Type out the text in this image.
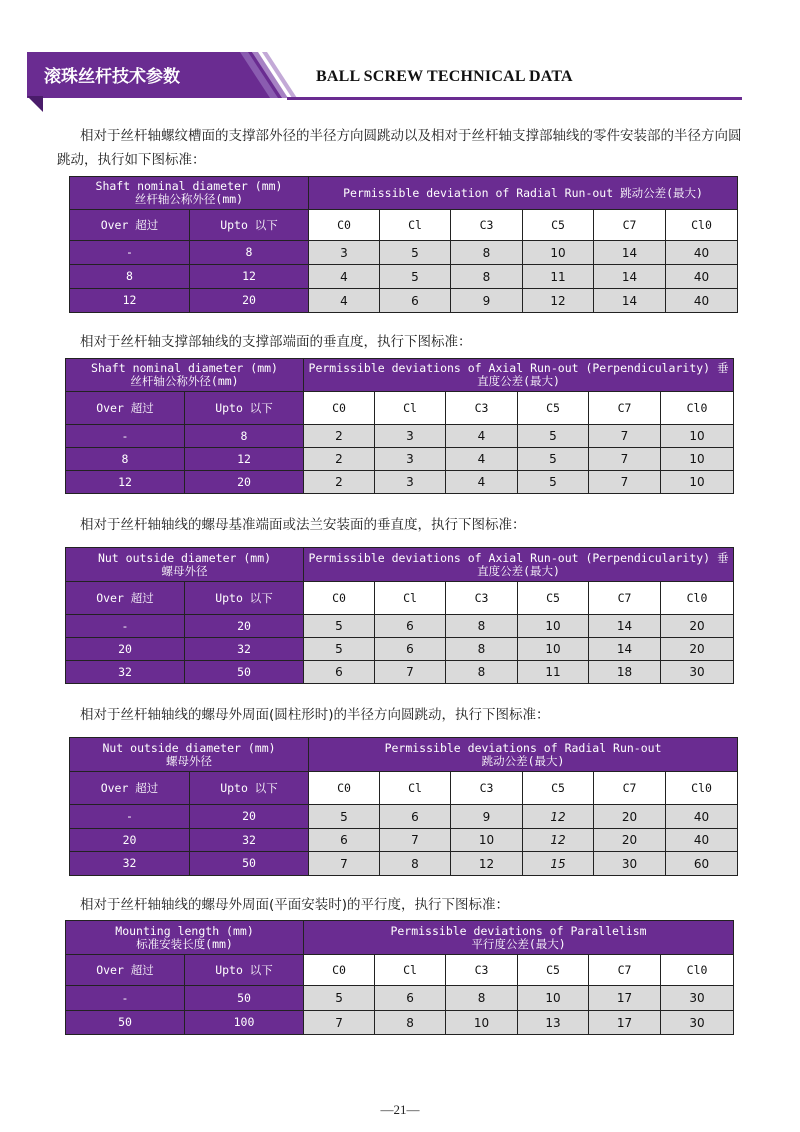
滚珠丝杆技术参数	BALL SCREW TECHNICAL DATA
相对于丝杆轴螺纹槽面的支撑部外径的半径方向圆跳动以及相对于丝杆轴支撑部轴线的零件安装部的半径方向圆跳动，执行如下图标准：
Shaft nominal diameter (mm)
丝杆轴公称外径(mm)		Permissible deviation of Radial Run-out 跳动公差(最大)					
Over 超过	Upto 以下	C0	Cl	C3	C5	C7	Cl0
-	8	3	5	8	10	14	40
8	12	4	5	8	11	14	40
12	20	4	6	9	12	14	40
相对于丝杆轴支撑部轴线的支撑部端面的垂直度，执行下图标准：
Shaft nominal diameter (mm)
丝杆轴公称外径(mm)		Permissible deviations of Axial Run-out (Perpendicularity) 垂直度公差(最大)					
Over 超过	Upto 以下	C0	Cl	C3	C5	C7	Cl0
-	8	2	3	4	5	7	10
8	12	2	3	4	5	7	10
12	20	2	3	4	5	7	10
相对于丝杆轴轴线的螺母基准端面或法兰安装面的垂直度，执行下图标准：
Nut outside diameter (mm)
螺母外径		Permissible deviations of Axial Run-out (Perpendicularity) 垂直度公差(最大)					
Over 超过	Upto 以下	C0	Cl	C3	C5	C7	Cl0
-	20	5	6	8	10	14	20
20	32	5	6	8	10	14	20
32	50	6	7	8	11	18	30
相对于丝杆轴轴线的螺母外周面(圆柱形时)的半径方向圆跳动，执行下图标准：
Nut outside diameter (mm)
螺母外径		Permissible deviations of Radial Run-out
跳动公差(最大)					
Over 超过	Upto 以下	C0	Cl	C3	C5	C7	Cl0
-	20	5	6	9	12	20	40
20	32	6	7	10	12	20	40
32	50	7	8	12	15	30	60
相对于丝杆轴轴线的螺母外周面(平面安装时)的平行度，执行下图标准：
Mounting length (mm)
标准安装长度(mm)		Permissible deviations of Parallelism
平行度公差(最大)					
Over 超过	Upto 以下	C0	Cl	C3	C5	C7	Cl0
-	50	5	6	8	10	17	30
50	100	7	8	10	13	17	30
—21—
